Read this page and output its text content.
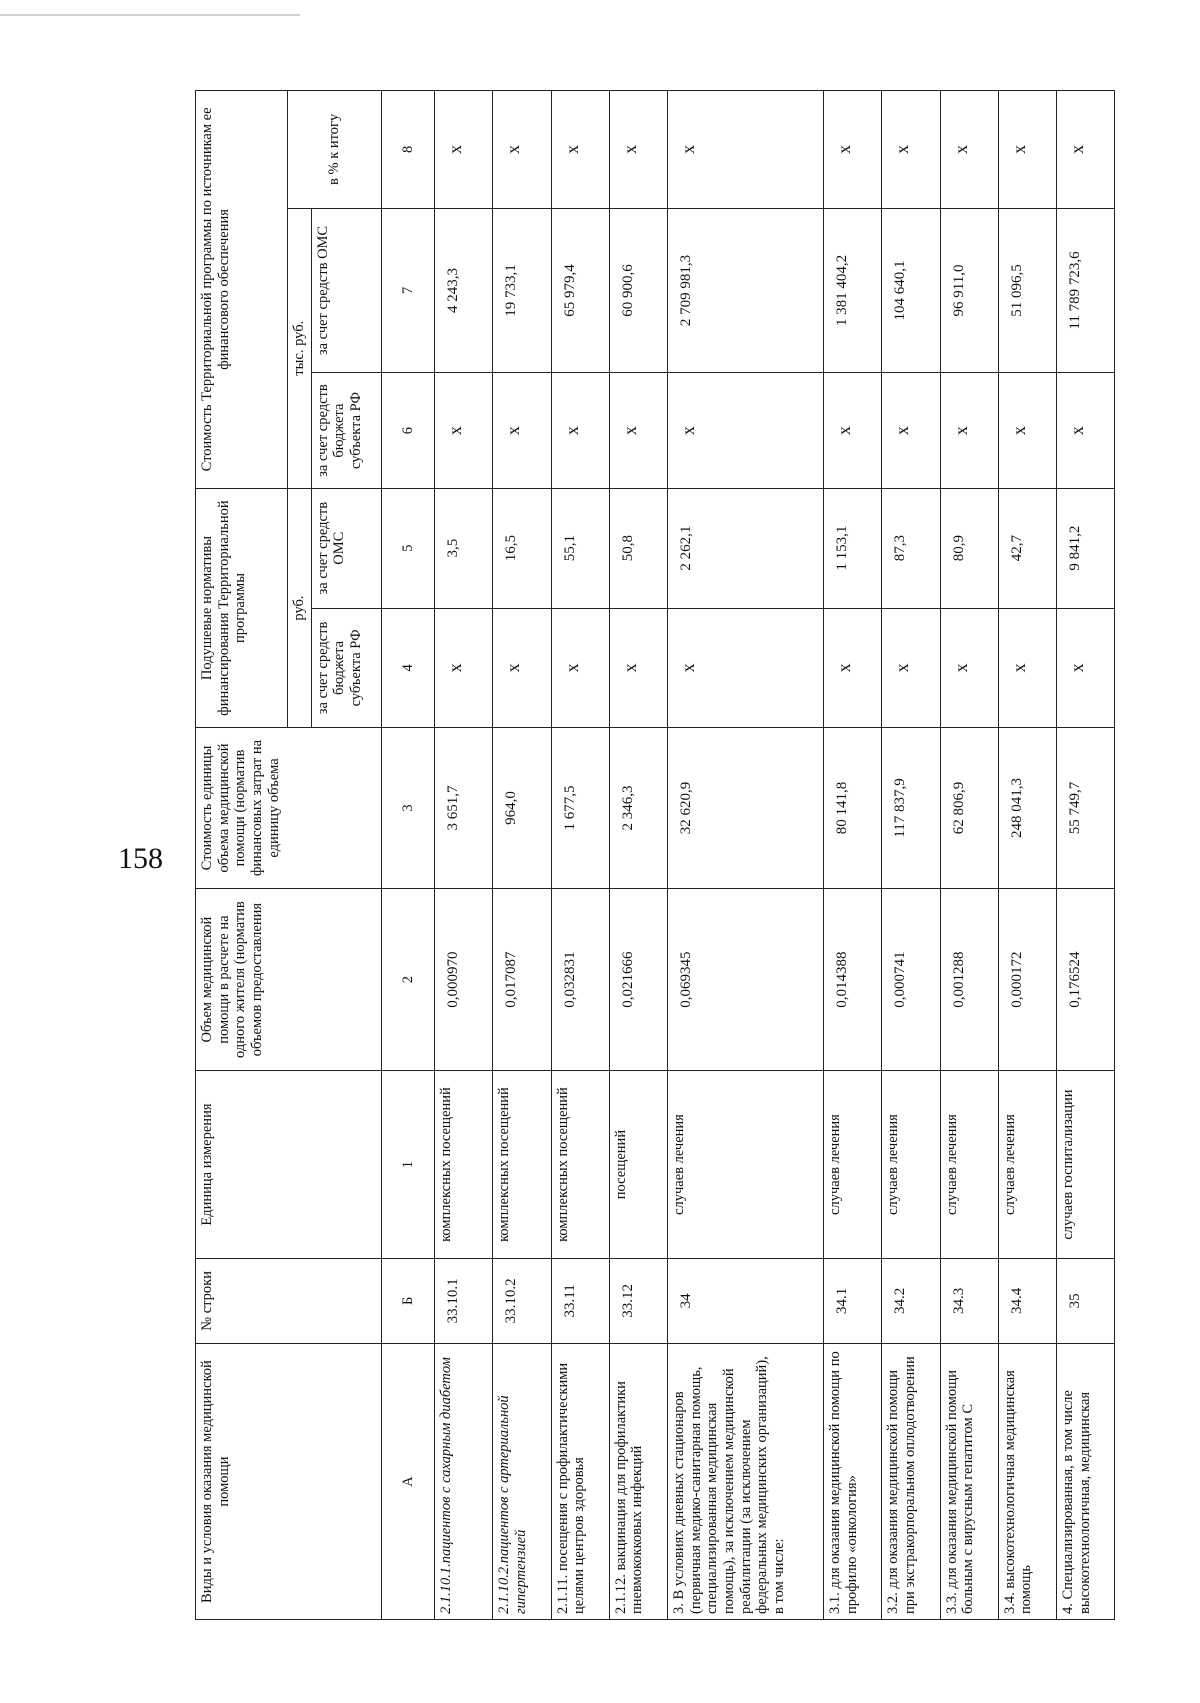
158
Виды и условия оказания медицинской помощи	№ строки	Единица измерения	Объем медицинской помощи в расчете на одного жителя (норматив объемов предоставления	Стоимость единицы объема медицинской помощи (норматив финансовых затрат на единицу объема	Подушевые нормативы финансирования Территориальной программы		Стоимость Территориальной программы по источникам ее финансового обеспечения		
					руб.		тыс. руб.		в % к итогу
					за счет средств бюджета субъекта РФ	за счет средств ОМС	за счет средств бюджета субъекта РФ	за счет средств ОМС	
А	Б	1	2	3	4	5	6	7	8
2.1.10.1.пациентов с сахарным диабетом	33.10.1	комплексных посещений	0,000970	3 651,7	х	3,5	х	4 243,3	х
2.1.10.2.пациентов с артериальной гипертензией	33.10.2	комплексных посещений	0,017087	964,0	х	16,5	х	19 733,1	х
2.1.11. посещения с профилактическими целями центров здоровья	33.11	комплексных посещений	0,032831	1 677,5	х	55,1	х	65 979,4	х
2.1.12. вакцинация для профилактики пневмококковых инфекций	33.12	посещений	0,021666	2 346,3	х	50,8	х	60 900,6	х
3. В условиях дневных стационаров (первичная медико-санитарная помощь, специализированная медицинская помощь), за исключением медицинской реабилитации (за исключением федеральных медицинских организаций), в том числе:	34	случаев лечения	0,069345	32 620,9	х	2 262,1	х	2 709 981,3	х
3.1. для оказания медицинской помощи по профилю «онкология»	34.1	случаев лечения	0,014388	80 141,8	х	1 153,1	х	1 381 404,2	х
3.2. для оказания медицинской помощи при экстракорпоральном оплодотворении	34.2	случаев лечения	0,000741	117 837,9	х	87,3	х	104 640,1	х
3.3. для оказания медицинской помощи больным с вирусным гепатитом С	34.3	случаев лечения	0,001288	62 806,9	х	80,9	х	96 911,0	х
3.4. высокотехнологичная медицинская помощь	34.4	случаев лечения	0,000172	248 041,3	х	42,7	х	51 096,5	х
4. Специализированная, в том числе высокотехнологичная, медицинская	35	случаев госпитализации	0,176524	55 749,7	х	9 841,2	х	11 789 723,6	х
